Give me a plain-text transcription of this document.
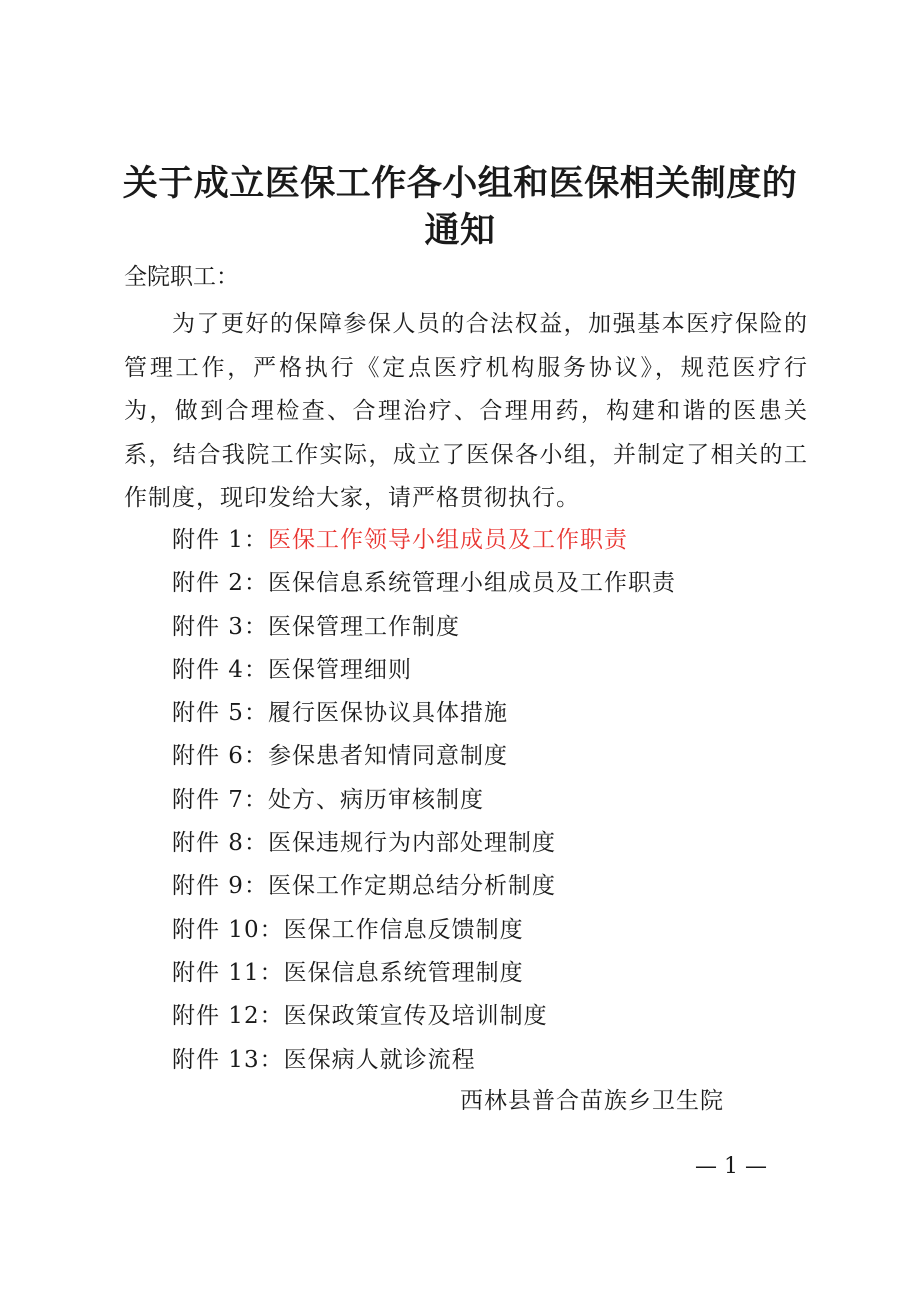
关于成立医保工作各小组和医保相关制度的通知
全院职工：

为了更好的保障参保人员的合法权益，加强基本医疗保险的管理工作，严格执行《定点医疗机构服务协议》，规范医疗行为，做到合理检查、合理治疗、合理用药，构建和谐的医患关系，结合我院工作实际，成立了医保各小组，并制定了相关的工作制度，现印发给大家，请严格贯彻执行。

附件 1：医保工作领导小组成员及工作职责
附件 2：医保信息系统管理小组成员及工作职责
附件 3：医保管理工作制度
附件 4：医保管理细则
附件 5：履行医保协议具体措施
附件 6：参保患者知情同意制度
附件 7：处方、病历审核制度
附件 8：医保违规行为内部处理制度
附件 9：医保工作定期总结分析制度
附件 10：医保工作信息反馈制度
附件 11：医保信息系统管理制度
附件 12：医保政策宣传及培训制度
附件 13：医保病人就诊流程
西林县普合苗族乡卫生院
— 1 —
